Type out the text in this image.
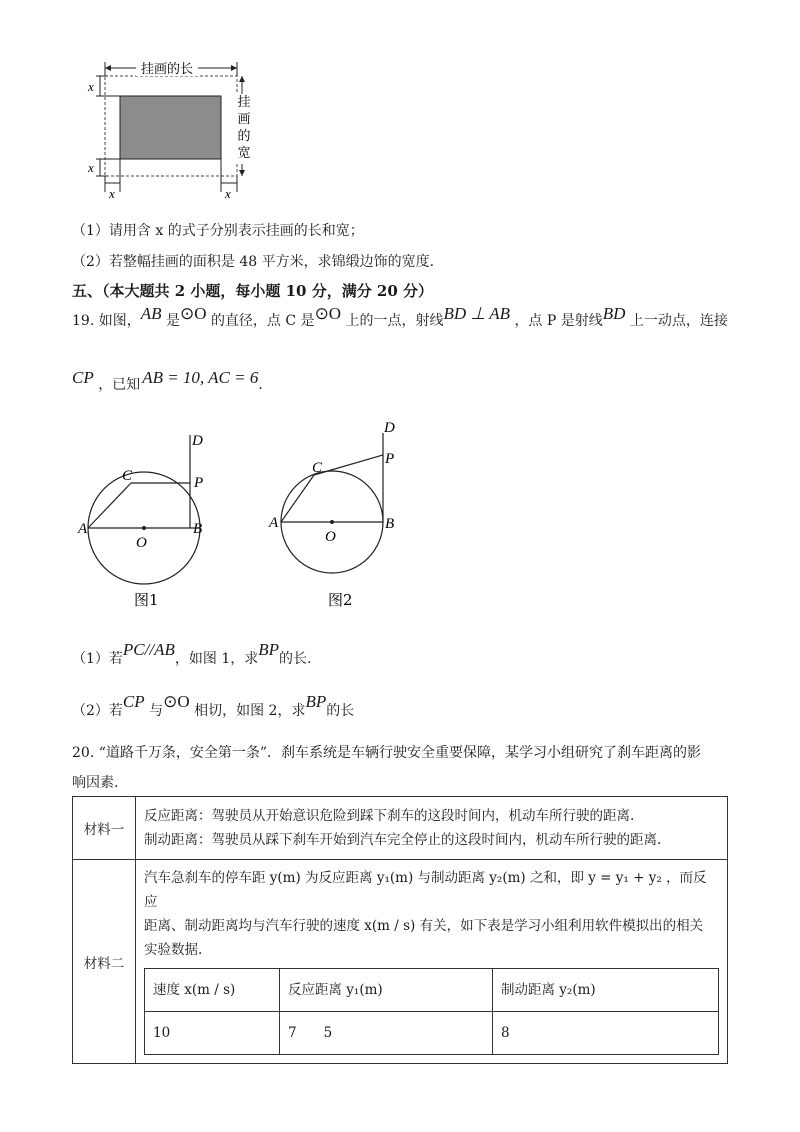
挂画的长
挂
画
的
宽
x
x
x	x
（1）请用含 x 的式子分别表示挂画的长和宽；
（2）若整幅挂画的面积是 48 平方米，求锦缎边饰的宽度.
五、（本大题共 2 小题，每小题 10 分，满分 20 分）
19. 如图，AB 是⊙O 的直径，点 C 是⊙O 上的一点，射线BD ⊥ AB ，点 P 是射线BD 上一动点，连接
CP ，已知 AB = 10, AC = 6.
D
C	P
A	B
O
图1
D
C
P
A	B
O
图2
（1）若PC//AB，如图 1，求BP的长.
（2）若CP 与⊙O 相切，如图 2，求BP的长
20. “道路千万条，安全第一条”．刹车系统是车辆行驶安全重要保障，某学习小组研究了刹车距离的影
响因素.
材料一	
反应距离：驾驶员从开始意识危险到踩下刹车的这段时间内，机动车所行驶的距离.
制动距离：驾驶员从踩下刹车开始到汽车完全停止的这段时间内，机动车所行驶的距离.

材料二	
汽车急刹车的停车距 y(m) 为反应距离 y₁(m) 与制动距离 y₂(m) 之和，即 y = y₁ + y₂ ，而反应
距离、制动距离均与汽车行驶的速度 x(m / s) 有关，如下表是学习小组利用软件模拟出的相关
实验数据.
速度 x(m / s)	反应距离 y₁(m)	制动距离 y₂(m)
10	7　　5	8
